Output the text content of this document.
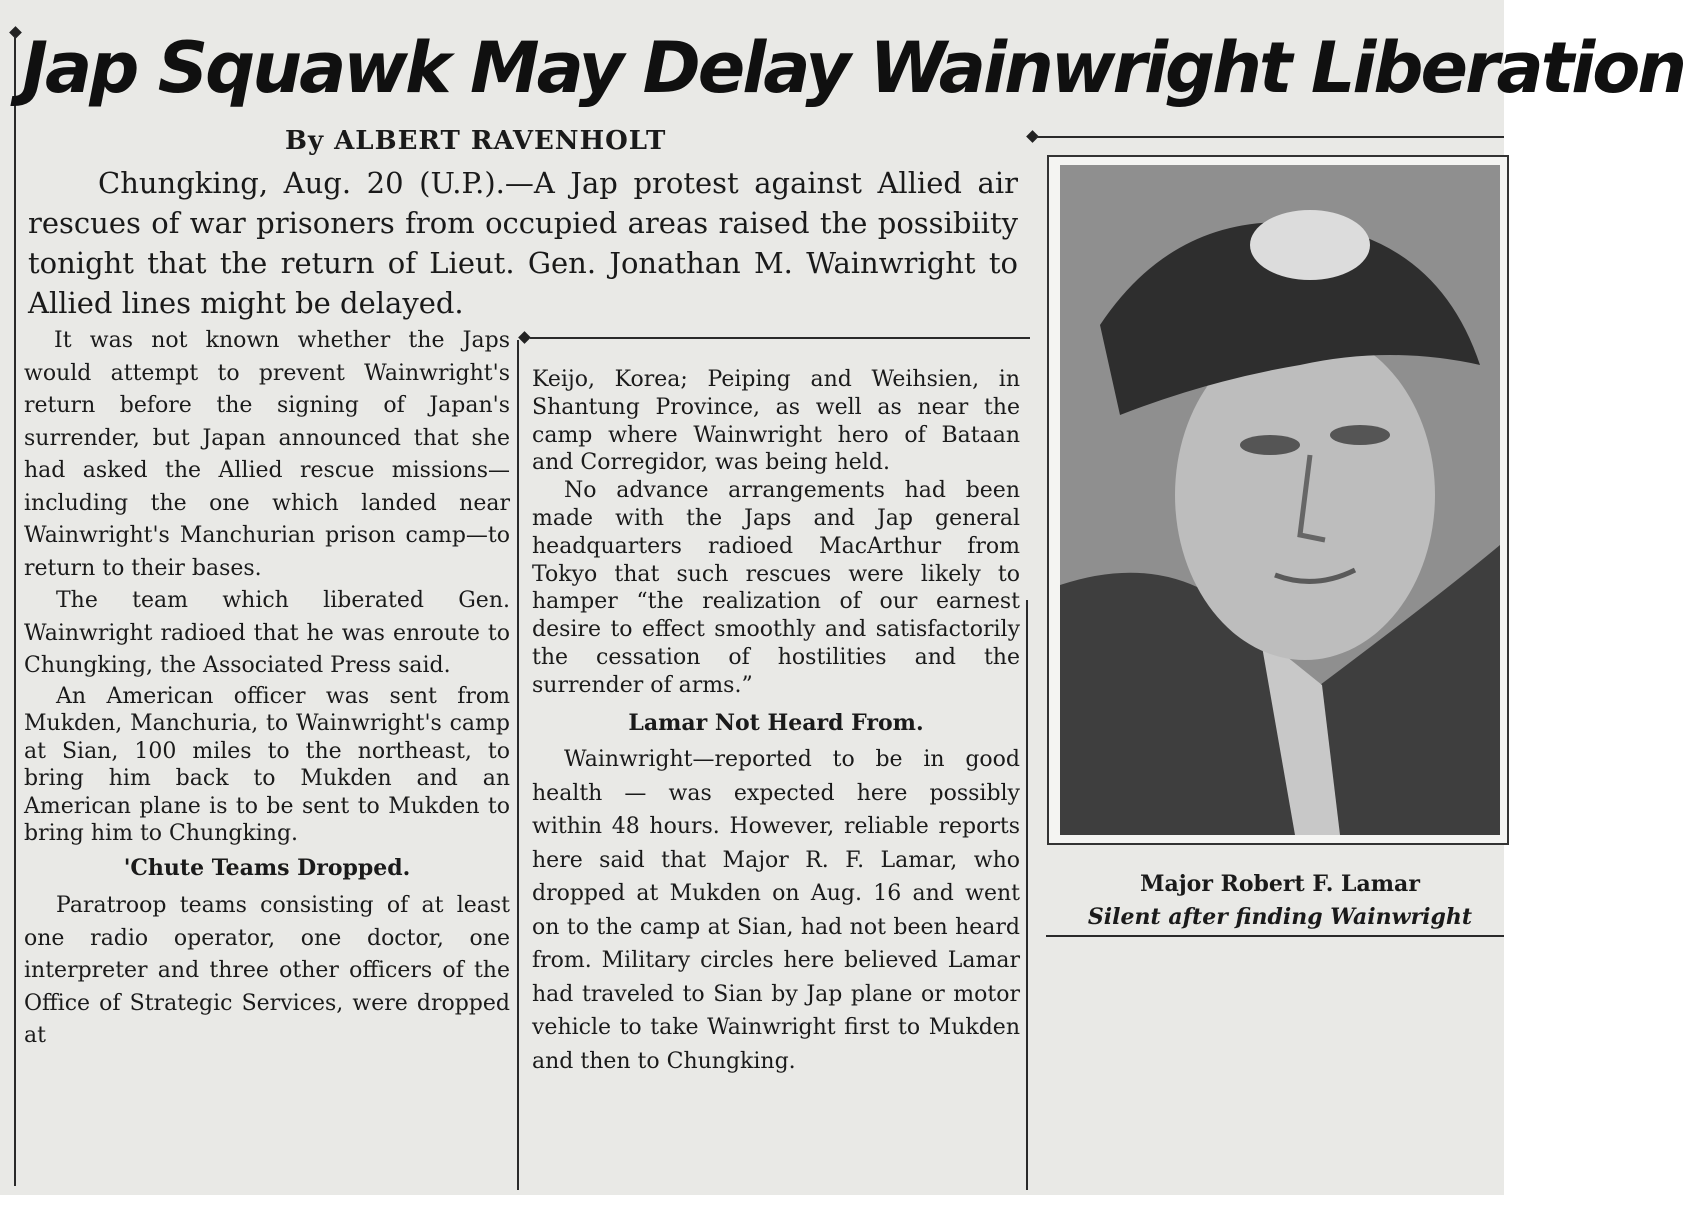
Jap Squawk May Delay Wainwright Liberation
By ALBERT RAVENHOLT

Chungking, Aug. 20 (U.P.).—A Jap protest against Allied air rescues of war prisoners from occupied areas raised the possibiity tonight that the return of Lieut. Gen. Jonathan M. Wainwright to Allied lines might be delayed.

It was not known whether the Japs would attempt to prevent Wainwright's return before the signing of Japan's surrender, but Japan announced that she had asked the Allied rescue missions—including the one which landed near Wainwright's Manchurian prison camp—to return to their bases.

The team which liberated Gen. Wainwright radioed that he was enroute to Chungking, the Associated Press said.

An American officer was sent from Mukden, Manchuria, to Wainwright's camp at Sian, 100 miles to the northeast, to bring him back to Mukden and an American plane is to be sent to Mukden to bring him to Chungking.

'Chute Teams Dropped.

Paratroop teams consisting of at least one radio operator, one doctor, one interpreter and three other officers of the Office of Strategic Services, were dropped at

Keijo, Korea; Peiping and Weihsien, in Shantung Province, as well as near the camp where Wainwright hero of Bataan and Corregidor, was being held.

No advance arrangements had been made with the Japs and Jap general headquarters radioed MacArthur from Tokyo that such rescues were likely to hamper “the realization of our earnest desire to effect smoothly and satisfactorily the cessation of hostilities and the surrender of arms.”

Lamar Not Heard From.

Wainwright—reported to be in good health — was expected here possibly within 48 hours. However, reliable reports here said that Major R. F. Lamar, who dropped at Mukden on Aug. 16 and went on to the camp at Sian, had not been heard from. Military circles here believed Lamar had traveled to Sian by Jap plane or motor vehicle to take Wainwright first to Mukden and then to Chungking.

Major Robert F. Lamar
Silent after finding Wainwright
